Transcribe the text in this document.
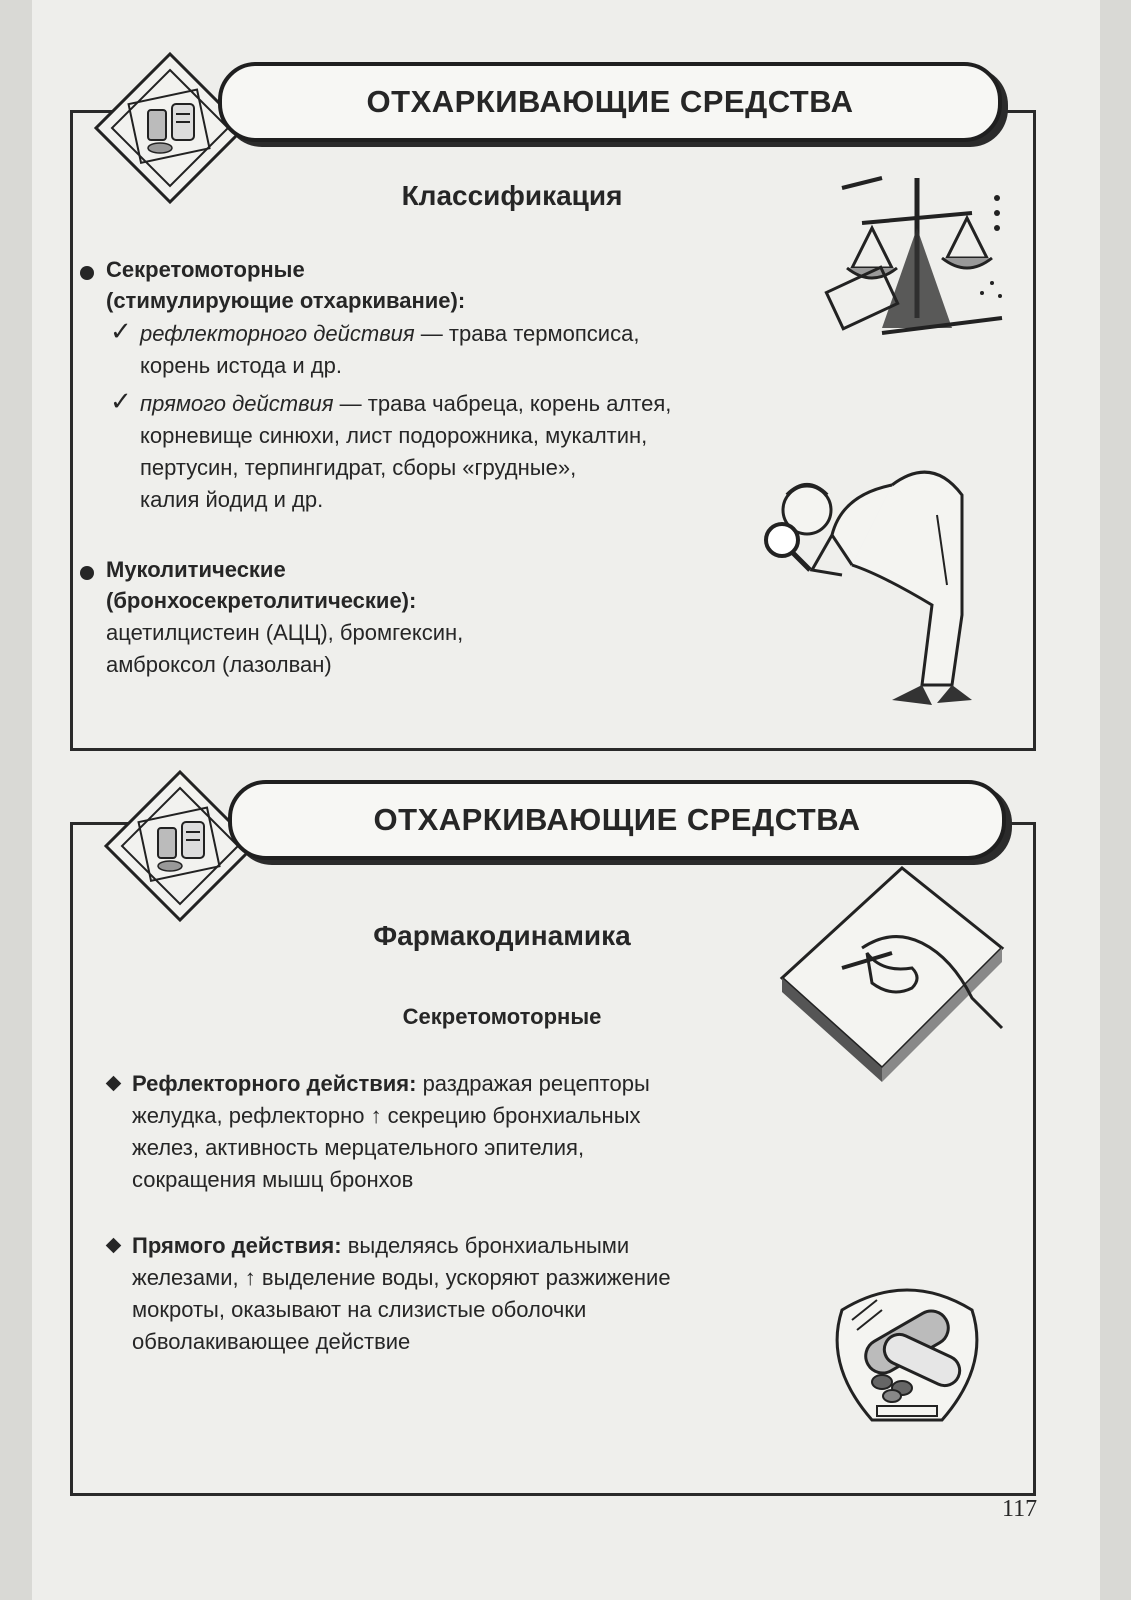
ОТХАРКИВАЮЩИЕ СРЕДСТВА
Классификация
Секретомоторные
(стимулирующие отхаркивание):
✓ рефлекторного действия — трава термопсиса,
корень истода и др.
✓ прямого действия — трава чабреца, корень алтея,
корневище синюхи, лист подорожника, мукалтин,
пертусин, терпингидрат, сборы «грудные»,
калия йодид и др.
Муколитические
(бронхосекретолитические):
ацетилцистеин (АЦЦ), бромгексин,
амброксол (лазолван)
ОТХАРКИВАЮЩИЕ СРЕДСТВА
Фармакодинамика
Секретомоторные
Рефлекторного действия: раздражая рецепторы
желудка, рефлекторно ↑ секрецию бронхиальных
желез, активность мерцательного эпителия,
сокращения мышц бронхов
Прямого действия: выделяясь бронхиальными
железами, ↑ выделение воды, ускоряют разжижение
мокроты, оказывают на слизистые оболочки
обволакивающее действие
117
